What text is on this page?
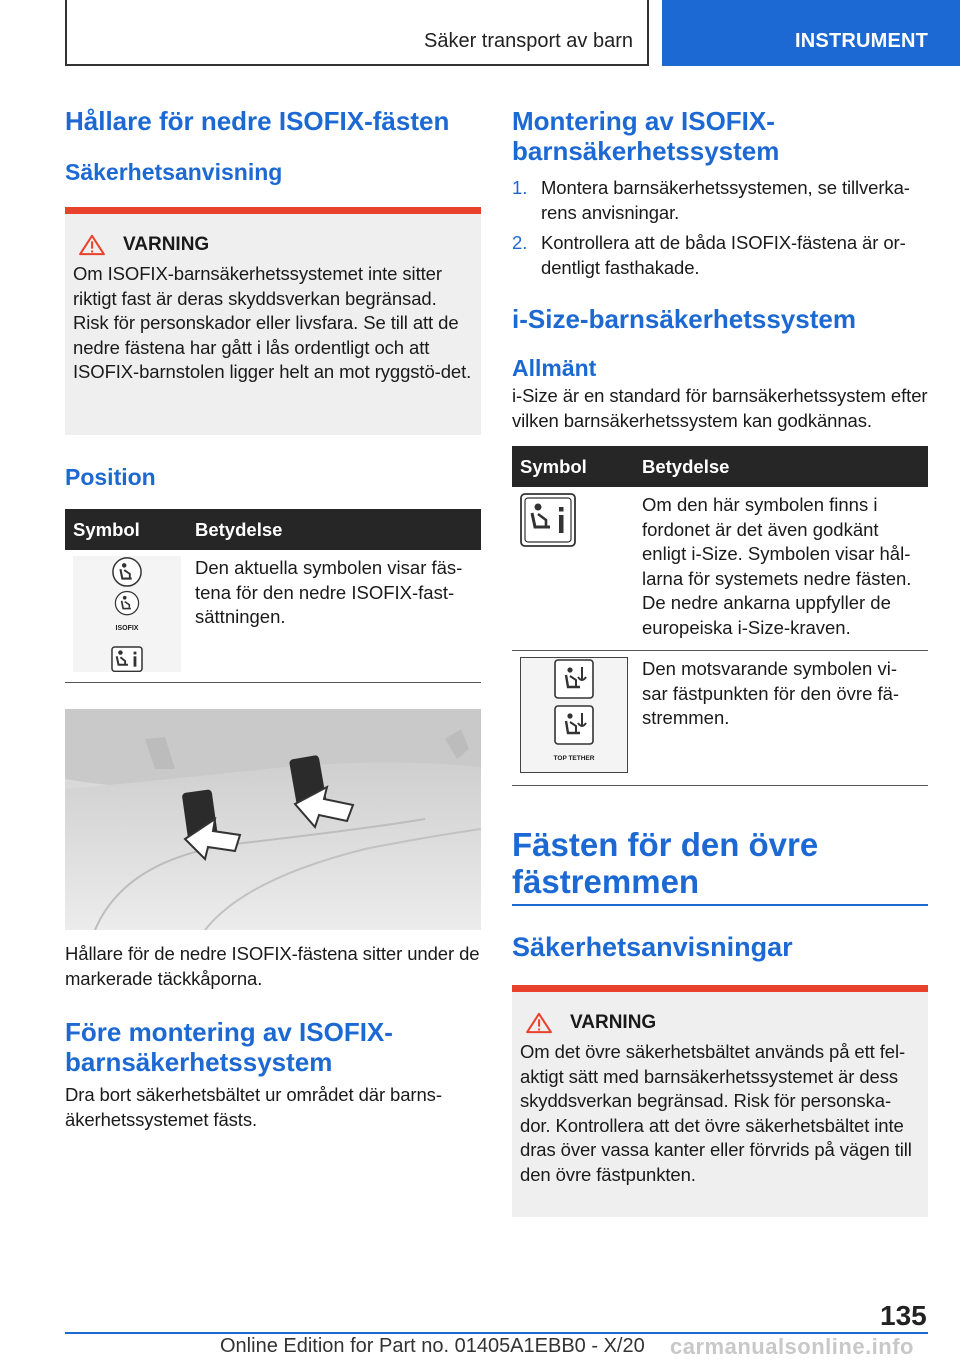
Säker transport av barn	INSTRUMENT
Hållare för nedre ISOFIX-fästen
Säkerhetsanvisning
VARNING
Om ISOFIX-barnsäkerhetssystemet inte sitter riktigt fast är deras skyddsverkan begränsad. Risk för personskador eller livsfara. Se till att de nedre fästena har gått i lås ordentligt och att ISOFIX-barnstolen ligger helt an mot ryggstö-det.
Position
Symbol	Betydelse

ISOFIX	Den aktuella symbolen visar fäs-tena för den nedre ISOFIX-fast-sättningen.
Hållare för de nedre ISOFIX-fästena sitter under de markerade täckkåporna.
Före montering av ISOFIX-barnsäkerhetssystem
Dra bort säkerhetsbältet ur området där barns-äkerhetssystemet fästs.
Montering av ISOFIX-barnsäkerhetssystem
1. Montera barnsäkerhetssystemen, se tillverka-rens anvisningar.
2. Kontrollera att de båda ISOFIX-fästena är or-dentligt fasthakade.
i-Size-barnsäkerhetssystem
Allmänt
i-Size är en standard för barnsäkerhetssystem efter vilken barnsäkerhetssystem kan godkännas.
Symbol	Betydelse

	Om den här symbolen finns i fordonet är det även godkänt enligt i-Size. Symbolen visar hål-larna för systemets nedre fästen. De nedre ankarna uppfyller de europeiska i-Size-kraven.

TOP TETHER	Den motsvarande symbolen vi-sar fästpunkten för den övre fä-stremmen.
Fästen för den övre fästremmen
Säkerhetsanvisningar
VARNING
Om det övre säkerhetsbältet används på ett fel-aktigt sätt med barnsäkerhetssystemet är dess skyddsverkan begränsad. Risk för personska-dor. Kontrollera att det övre säkerhetsbältet inte dras över vassa kanter eller förvrids på vägen till den övre fästpunkten.
135
Online Edition for Part no. 01405A1EBB0 - X/20 carmanualsonline.info
